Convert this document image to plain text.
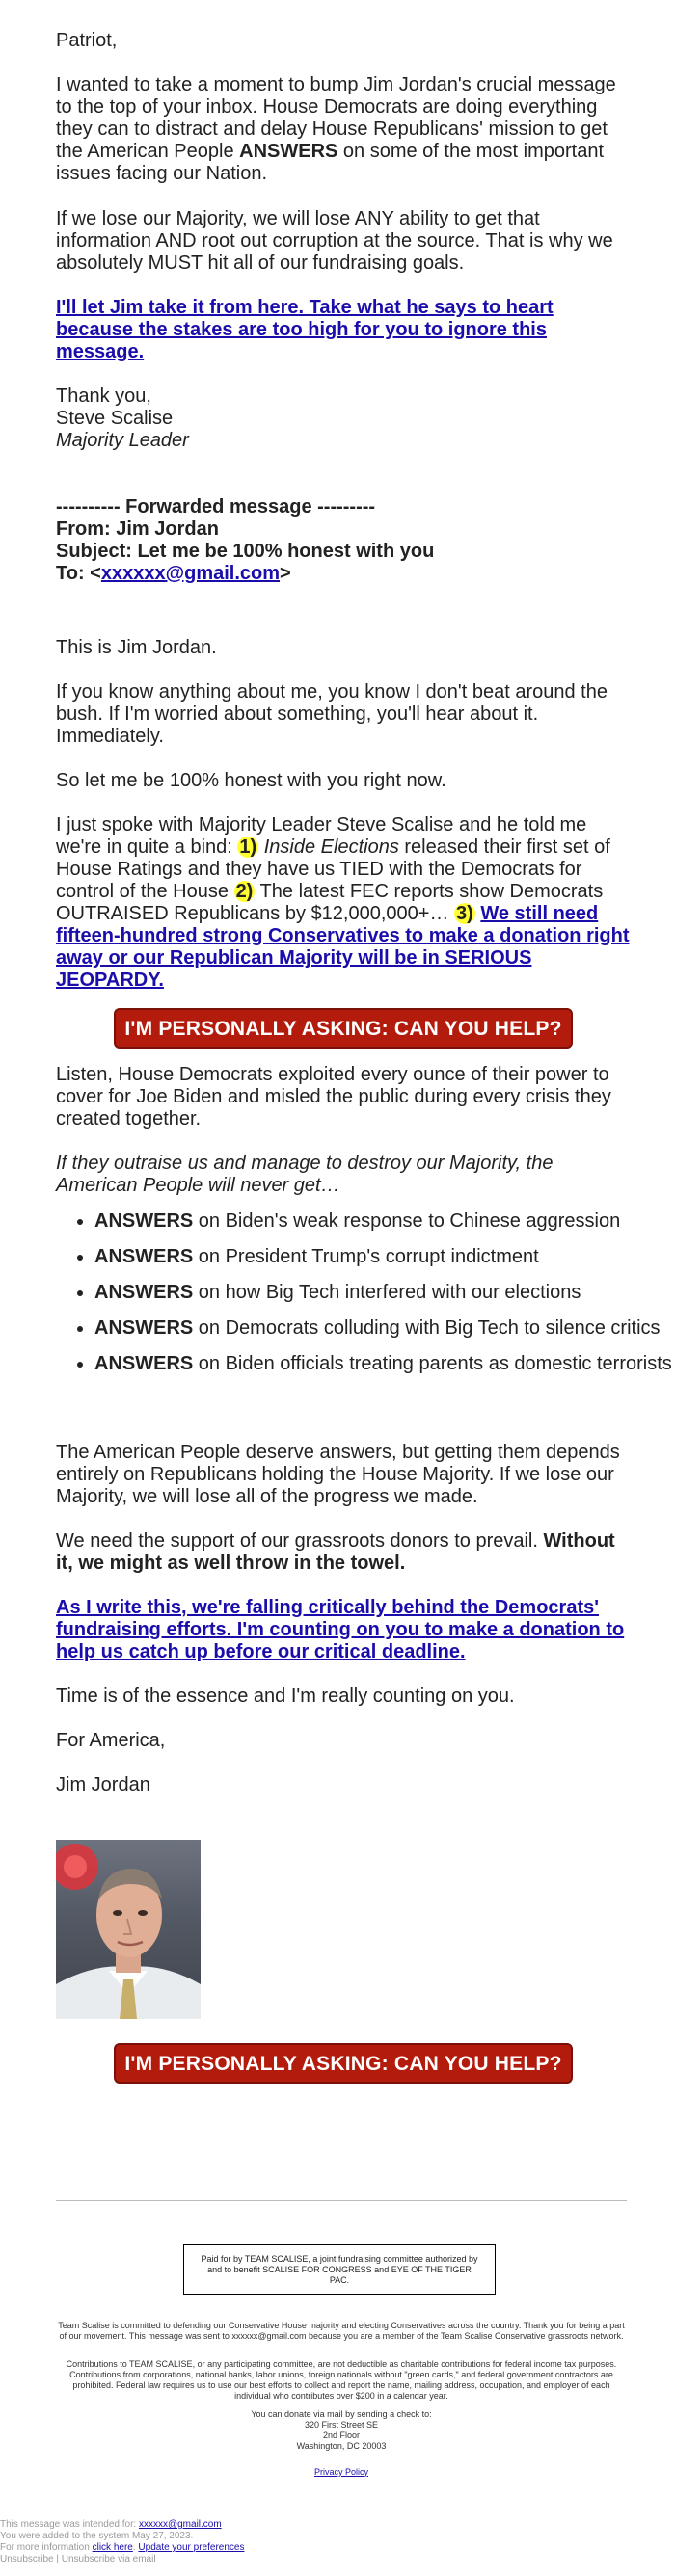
Patriot,

I wanted to take a moment to bump Jim Jordan's crucial message to the top of your inbox. House Democrats are doing everything they can to distract and delay House Republicans' mission to get the American People ANSWERS on some of the most important issues facing our Nation.

If we lose our Majority, we will lose ANY ability to get that information AND root out corruption at the source. That is why we absolutely MUST hit all of our fundraising goals.

I'll let Jim take it from here. Take what he says to heart because the stakes are too high for you to ignore this message.

Thank you,

Steve Scalise

Majority Leader

---------- Forwarded message ---------
From: Jim Jordan
Subject: Let me be 100% honest with you
To: <xxxxxx@gmail.com>

This is Jim Jordan.

If you know anything about me, you know I don't beat around the bush. If I'm worried about something, you'll hear about it. Immediately.

So let me be 100% honest with you right now.

I just spoke with Majority Leader Steve Scalise and he told me we're in quite a bind: 1) Inside Elections released their first set of House Ratings and they have us TIED with the Democrats for control of the House 2) The latest FEC reports show Democrats OUTRAISED Republicans by $12,000,000+… 3) We still need fifteen-hundred strong Conservatives to make a donation right away or our Republican Majority will be in SERIOUS JEOPARDY.

I'M PERSONALLY ASKING: CAN YOU HELP?

Listen, House Democrats exploited every ounce of their power to cover for Joe Biden and misled the public during every crisis they created together.

If they outraise us and manage to destroy our Majority, the American People will never get…

• ANSWERS on Biden's weak response to Chinese aggression
• ANSWERS on President Trump's corrupt indictment
• ANSWERS on how Big Tech interfered with our elections
• ANSWERS on Democrats colluding with Big Tech to silence critics
• ANSWERS on Biden officials treating parents as domestic terrorists

The American People deserve answers, but getting them depends entirely on Republicans holding the House Majority. If we lose our Majority, we will lose all of the progress we made.

We need the support of our grassroots donors to prevail. Without it, we might as well throw in the towel.

As I write this, we're falling critically behind the Democrats' fundraising efforts. I'm counting on you to make a donation to help us catch up before our critical deadline.

Time is of the essence and I'm really counting on you.

For America,

Jim Jordan

I'M PERSONALLY ASKING: CAN YOU HELP?
Paid for by TEAM SCALISE, a joint fundraising committee authorized by and to benefit SCALISE FOR CONGRESS and EYE OF THE TIGER PAC.
Team Scalise is committed to defending our Conservative House majority and electing Conservatives across the country. Thank you for being a part of our movement. This message was sent to xxxxxx@gmail.com because you are a member of the Team Scalise Conservative grassroots network.
Contributions to TEAM SCALISE, or any participating committee, are not deductible as charitable contributions for federal income tax purposes. Contributions from corporations, national banks, labor unions, foreign nationals without "green cards," and federal government contractors are prohibited. Federal law requires us to use our best efforts to collect and report the name, mailing address, occupation, and employer of each individual who contributes over $200 in a calendar year.
You can donate via mail by sending a check to:
320 First Street SE
2nd Floor
Washington, DC 20003
Privacy Policy
This message was intended for: xxxxxx@gmail.com
You were added to the system May 27, 2023.
For more information click here. Update your preferences
Unsubscribe | Unsubscribe via email
